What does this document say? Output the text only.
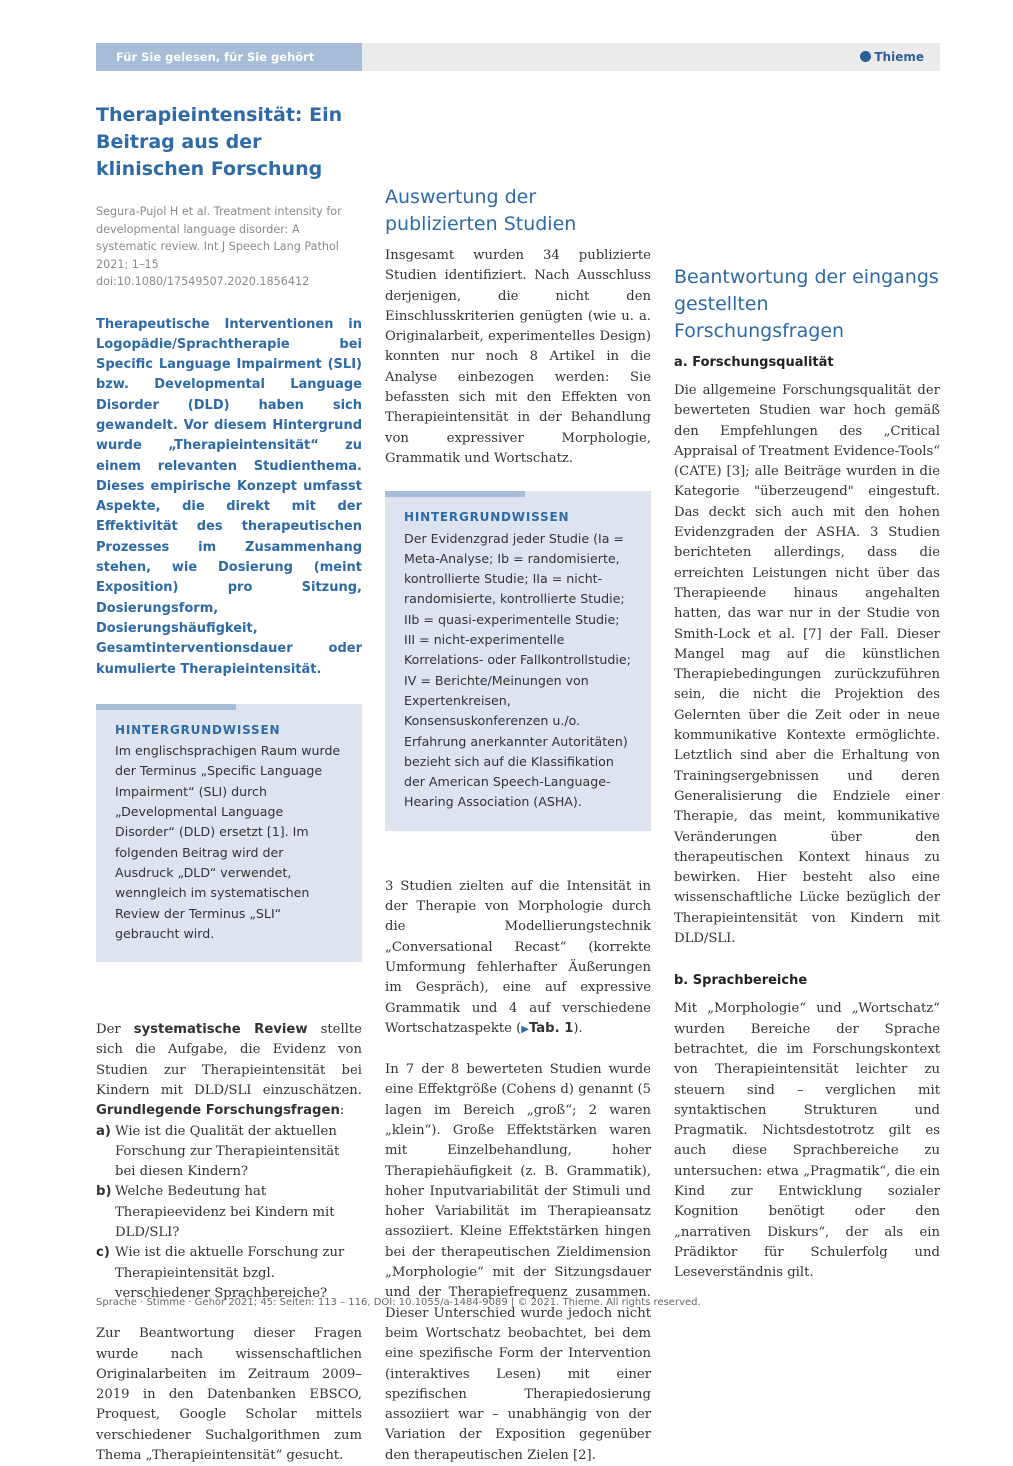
Für Sie gelesen, für Sie gehört	Thieme
Therapieintensität: Ein Beitrag aus der klinischen Forschung
Segura-Pujol H et al. Treatment intensity for developmental language disorder: A systematic review. Int J Speech Lang Pathol 2021; 1–15 doi:10.1080/17549507.2020.1856412

Therapeutische Interventionen in Logopädie/Sprachtherapie bei Specific Language Impairment (SLI) bzw. Developmental Language Disorder (DLD) haben sich gewandelt. Vor diesem Hintergrund wurde „Therapieintensität“ zu einem relevanten Studienthema. Dieses empirische Konzept umfasst Aspekte, die direkt mit der Effektivität des therapeutischen Prozesses im Zusammenhang stehen, wie Dosierung (meint Exposition) pro Sitzung, Dosierungsform, Dosierungshäufigkeit, Gesamtinterventionsdauer oder kumulierte Therapieintensität.

HINTERGRUNDWISSEN
Im englischsprachigen Raum wurde der Terminus „Specific Language Impairment“ (SLI) durch „Developmental Language Disorder“ (DLD) ersetzt [1]. Im folgenden Beitrag wird der Ausdruck „DLD“ verwendet, wenngleich im systematischen Review der Terminus „SLI“ gebraucht wird.

Der systematische Review stellte sich die Aufgabe, die Evidenz von Studien zur Therapieintensität bei Kindern mit DLD/SLI einzuschätzen. Grundlegende Forschungsfragen:

a) Wie ist die Qualität der aktuellen Forschung zur Therapieintensität bei diesen Kindern?
b) Welche Bedeutung hat Therapieevidenz bei Kindern mit DLD/SLI?
c) Wie ist die aktuelle Forschung zur Therapieintensität bzgl. verschiedener Sprachbereiche?

Zur Beantwortung dieser Fragen wurde nach wissenschaftlichen Originalarbeiten im Zeitraum 2009–2019 in den Datenbanken EBSCO, Proquest, Google Scholar mittels verschiedener Suchalgorithmen zum Thema „Therapieintensität“ gesucht.

Auswertung der publizierten Studien

Insgesamt wurden 34 publizierte Studien identifiziert. Nach Ausschluss derjenigen, die nicht den Einschlusskriterien genügten (wie u. a. Originalarbeit, experimentelles Design) konnten nur noch 8 Artikel in die Analyse einbezogen werden: Sie befassten sich mit den Effekten von Therapieintensität in der Behandlung von expressiver Morphologie, Grammatik und Wortschatz.

HINTERGRUNDWISSEN
Der Evidenzgrad jeder Studie (Ia = Meta-Analyse; Ib = randomisierte, kontrollierte Studie; IIa = nicht-randomisierte, kontrollierte Studie; IIb = quasi-experimentelle Studie; III = nicht-experimentelle Korrelations- oder Fallkontrollstudie; IV = Berichte/Meinungen von Expertenkreisen, Konsensuskonferenzen u./o. Erfahrung anerkannter Autoritäten) bezieht sich auf die Klassifikation der American Speech-Language-Hearing Association (ASHA).

3 Studien zielten auf die Intensität in der Therapie von Morphologie durch die Modellierungstechnik „Conversational Recast“ (korrekte Umformung fehlerhafter Äußerungen im Gespräch), eine auf expressive Grammatik und 4 auf verschiedene Wortschatzaspekte (▶Tab. 1).

In 7 der 8 bewerteten Studien wurde eine Effektgröße (Cohens d) genannt (5 lagen im Bereich „groß“; 2 waren „klein“). Große Effektstärken waren mit Einzelbehandlung, hoher Therapiehäufigkeit (z. B. Grammatik), hoher Inputvariabilität der Stimuli und hoher Variabilität im Therapieansatz assoziiert. Kleine Effektstärken hingen bei der therapeutischen Zieldimension „Morphologie“ mit der Sitzungsdauer und der Therapiefrequenz zusammen. Dieser Unterschied wurde jedoch nicht beim Wortschatz beobachtet, bei dem eine spezifische Form der Intervention (interaktives Lesen) mit einer spezifischen Therapiedosierung assoziiert war – unabhängig von der Variation der Exposition gegenüber den therapeutischen Zielen [2].

Beantwortung der eingangs gestellten Forschungsfragen
a. Forschungsqualität

Die allgemeine Forschungsqualität der bewerteten Studien war hoch gemäß den Empfehlungen des „Critical Appraisal of Treatment Evidence-Tools“ (CATE) [3]; alle Beiträge wurden in die Kategorie "überzeugend" eingestuft. Das deckt sich auch mit den hohen Evidenzgraden der ASHA. 3 Studien berichteten allerdings, dass die erreichten Leistungen nicht über das Therapieende hinaus angehalten hatten, das war nur in der Studie von Smith-Lock et al. [7] der Fall. Dieser Mangel mag auf die künstlichen Therapiebedingungen zurückzuführen sein, die nicht die Projektion des Gelernten über die Zeit oder in neue kommunikative Kontexte ermöglichte. Letztlich sind aber die Erhaltung von Trainingsergebnissen und deren Generalisierung die Endziele einer Therapie, das meint, kommunikative Veränderungen über den therapeutischen Kontext hinaus zu bewirken. Hier besteht also eine wissenschaftliche Lücke bezüglich der Therapieintensität von Kindern mit DLD/SLI.

b. Sprachbereiche

Mit „Morphologie“ und „Wortschatz“ wurden Bereiche der Sprache betrachtet, die im Forschungskontext von Therapieintensität leichter zu steuern sind – verglichen mit syntaktischen Strukturen und Pragmatik. Nichtsdestotrotz gilt es auch diese Sprachbereiche zu untersuchen: etwa „Pragmatik“, die ein Kind zur Entwicklung sozialer Kognition benötigt oder den „narrativen Diskurs“, der als ein Prädiktor für Schulerfolg und Leseverständnis gilt.

Sprache · Stimme · Gehör 2021; 45: Seiten: 113 – 116, DOI: 10.1055/a-1484-9089 | © 2021. Thieme. All rights reserved.
